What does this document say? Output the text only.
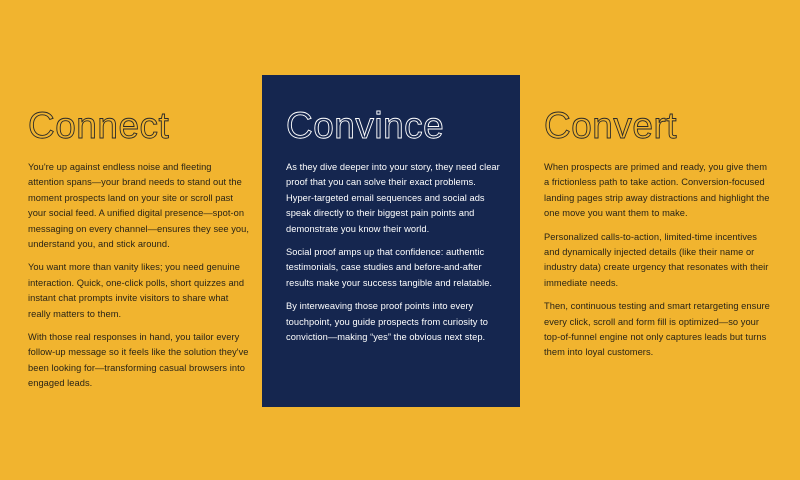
Connect

You're up against endless noise and fleeting attention spans—your brand needs to stand out the moment prospects land on your site or scroll past your social feed. A unified digital presence—spot-on messaging on every channel—ensures they see you, understand you, and stick around.

You want more than vanity likes; you need genuine interaction. Quick, one-click polls, short quizzes and instant chat prompts invite visitors to share what really matters to them.

With those real responses in hand, you tailor every follow-up message so it feels like the solution they've been looking for—transforming casual browsers into engaged leads.

Convince

As they dive deeper into your story, they need clear proof that you can solve their exact problems. Hyper-targeted email sequences and social ads speak directly to their biggest pain points and demonstrate you know their world.

Social proof amps up that confidence: authentic testimonials, case studies and before-and-after results make your success tangible and relatable.

By interweaving those proof points into every touchpoint, you guide prospects from curiosity to conviction—making “yes” the obvious next step.

Convert

When prospects are primed and ready, you give them a frictionless path to take action. Conversion-focused landing pages strip away distractions and highlight the one move you want them to make.

Personalized calls-to-action, limited-time incentives and dynamically injected details (like their name or industry data) create urgency that resonates with their immediate needs.

Then, continuous testing and smart retargeting ensure every click, scroll and form fill is optimized—so your top-of-funnel engine not only captures leads but turns them into loyal customers.
